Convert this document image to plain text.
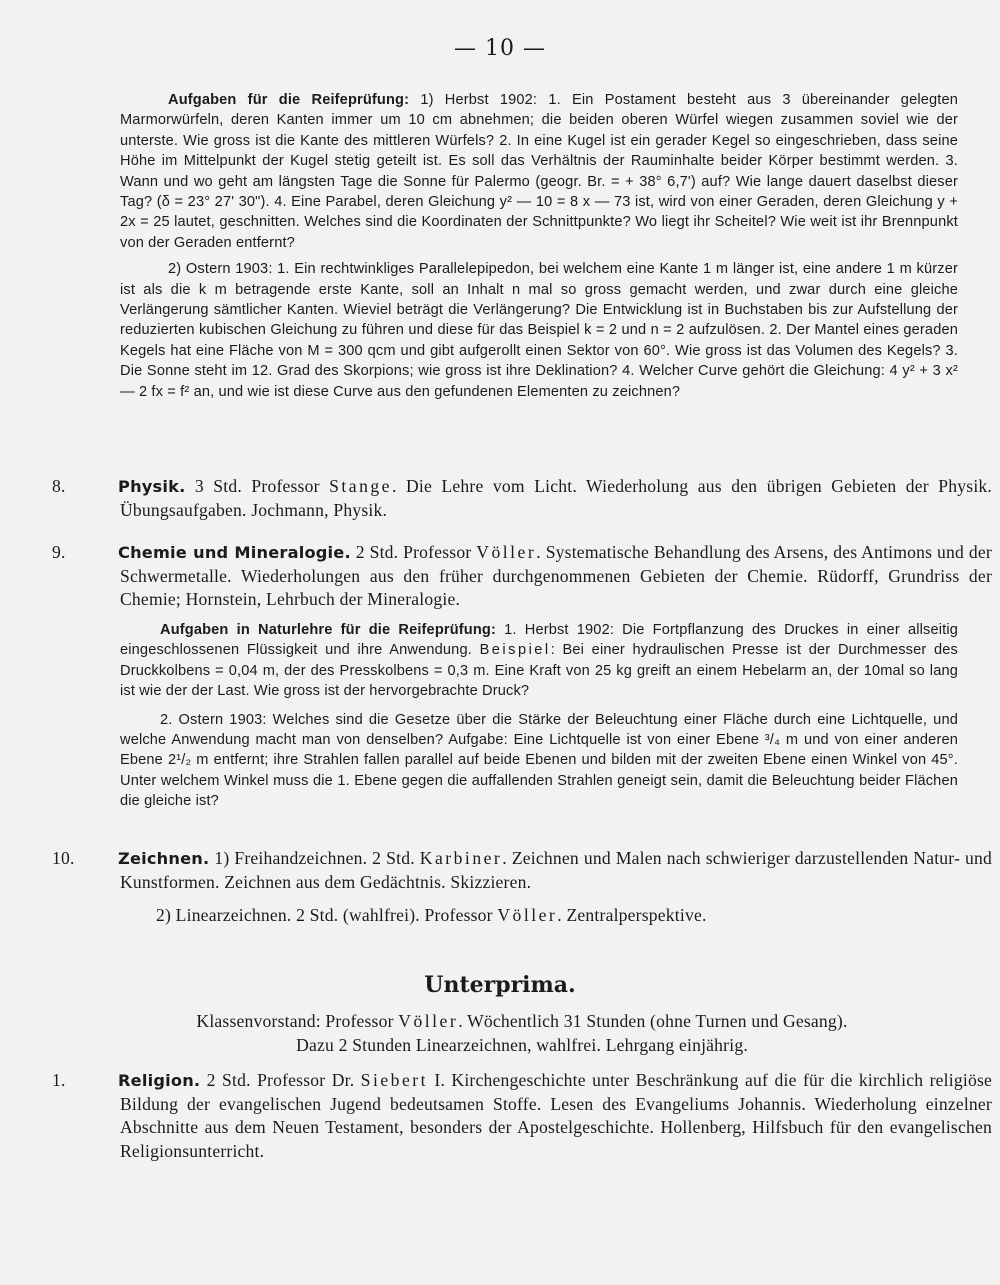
— 10 —

Aufgaben für die Reifeprüfung: 1) Herbst 1902: 1. Ein Postament besteht aus 3 übereinander gelegten Marmorwürfeln, deren Kanten immer um 10 cm abnehmen; die beiden oberen Würfel wiegen zusammen soviel wie der unterste. Wie gross ist die Kante des mittleren Würfels? 2. In eine Kugel ist ein gerader Kegel so eingeschrieben, dass seine Höhe im Mittelpunkt der Kugel stetig geteilt ist. Es soll das Verhältnis der Rauminhalte beider Körper bestimmt werden. 3. Wann und wo geht am längsten Tage die Sonne für Palermo (geogr. Br. = + 38° 6,7') auf? Wie lange dauert daselbst dieser Tag? (δ = 23° 27' 30"). 4. Eine Parabel, deren Gleichung y² — 10 = 8 x — 73 ist, wird von einer Geraden, deren Gleichung y + 2x = 25 lautet, geschnitten. Welches sind die Koordinaten der Schnittpunkte? Wo liegt ihr Scheitel? Wie weit ist ihr Brennpunkt von der Geraden entfernt?

2) Ostern 1903: 1. Ein rechtwinkliges Parallelepipedon, bei welchem eine Kante 1 m länger ist, eine andere 1 m kürzer ist als die k m betragende erste Kante, soll an Inhalt n mal so gross gemacht werden, und zwar durch eine gleiche Verlängerung sämtlicher Kanten. Wieviel beträgt die Verlängerung? Die Entwicklung ist in Buchstaben bis zur Aufstellung der reduzierten kubischen Gleichung zu führen und diese für das Beispiel k = 2 und n = 2 aufzulösen. 2. Der Mantel eines geraden Kegels hat eine Fläche von M = 300 qcm und gibt aufgerollt einen Sektor von 60°. Wie gross ist das Volumen des Kegels? 3. Die Sonne steht im 12. Grad des Skorpions; wie gross ist ihre Deklination? 4. Welcher Curve gehört die Gleichung: 4 y² + 3 x² — 2 fx = f² an, und wie ist diese Curve aus den gefundenen Elementen zu zeichnen?

8.	Physik. 3 Std. Professor Stange. Die Lehre vom Licht. Wiederholung aus den übrigen Gebieten der Physik. Übungsaufgaben. Jochmann, Physik.
9.	Chemie und Mineralogie. 2 Std. Professor Völler. Systematische Behandlung des Arsens, des Antimons und der Schwermetalle. Wiederholungen aus den früher durchgenommenen Gebieten der Chemie. Rüdorff, Grundriss der Chemie; Hornstein, Lehrbuch der Mineralogie.

Aufgaben in Naturlehre für die Reifeprüfung: 1. Herbst 1902: Die Fortpflanzung des Druckes in einer allseitig eingeschlossenen Flüssigkeit und ihre Anwendung. Beispiel: Bei einer hydraulischen Presse ist der Durchmesser des Druckkolbens = 0,04 m, der des Presskolbens = 0,3 m. Eine Kraft von 25 kg greift an einem Hebelarm an, der 10mal so lang ist wie der der Last. Wie gross ist der hervorgebrachte Druck?

2. Ostern 1903: Welches sind die Gesetze über die Stärke der Beleuchtung einer Fläche durch eine Lichtquelle, und welche Anwendung macht man von denselben? Aufgabe: Eine Lichtquelle ist von einer Ebene ³/₄ m und von einer anderen Ebene 2¹/₂ m entfernt; ihre Strahlen fallen parallel auf beide Ebenen und bilden mit der zweiten Ebene einen Winkel von 45°. Unter welchem Winkel muss die 1. Ebene gegen die auffallenden Strahlen geneigt sein, damit die Beleuchtung beider Flächen die gleiche ist?

10.	Zeichnen. 1) Freihandzeichnen. 2 Std. Karbiner. Zeichnen und Malen nach schwieriger darzustellenden Natur- und Kunstformen. Zeichnen aus dem Gedächtnis. Skizzieren.
2) Linearzeichnen. 2 Std. (wahlfrei). Professor Völler. Zentralperspektive.
Unterprima.
Klassenvorstand: Professor Völler. Wöchentlich 31 Stunden (ohne Turnen und Gesang).
Dazu 2 Stunden Linearzeichnen, wahlfrei. Lehrgang einjährig.
1.	Religion. 2 Std. Professor Dr. Siebert I. Kirchengeschichte unter Beschränkung auf die für die kirchlich religiöse Bildung der evangelischen Jugend bedeutsamen Stoffe. Lesen des Evangeliums Johannis. Wiederholung einzelner Abschnitte aus dem Neuen Testament, besonders der Apostelgeschichte. Hollenberg, Hilfsbuch für den evangelischen Religionsunterricht.
